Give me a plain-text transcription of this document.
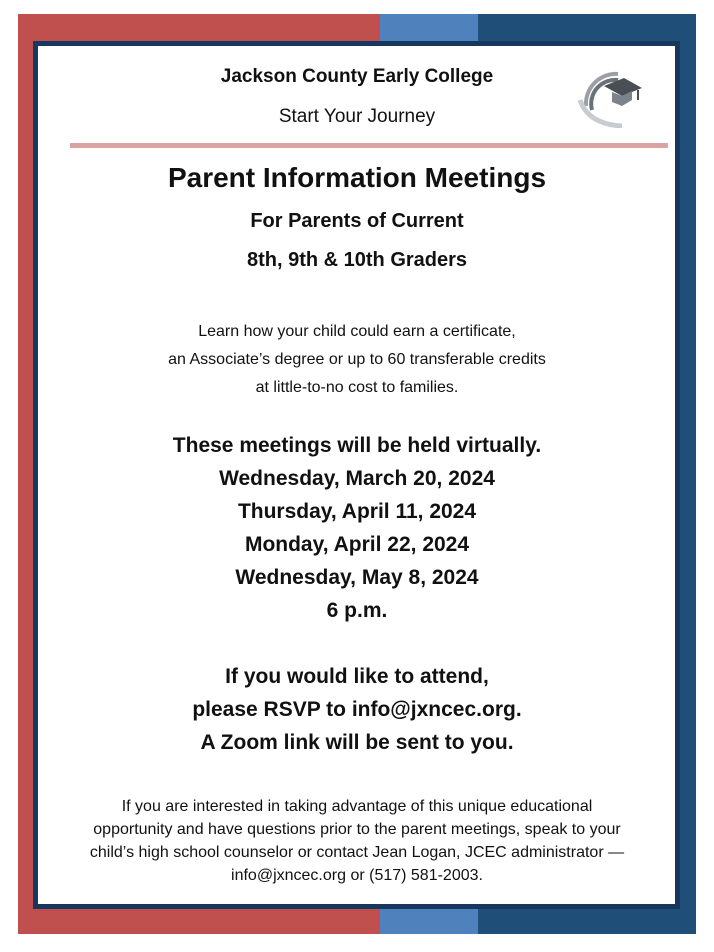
Jackson County Early College
Start Your Journey
Parent Information Meetings
For Parents of Current
8th, 9th & 10th Graders
Learn how your child could earn a certificate,
an Associate’s degree or up to 60 transferable credits
at little-to-no cost to families.
These meetings will be held virtually.
Wednesday, March 20, 2024
Thursday, April 11, 2024
Monday, April 22, 2024
Wednesday, May 8, 2024
6 p.m.
If you would like to attend,
please RSVP to info@jxncec.org.
A Zoom link will be sent to you.
If you are interested in taking advantage of this unique educational
opportunity and have questions prior to the parent meetings, speak to your
child’s high school counselor or contact Jean Logan, JCEC administrator —
info@jxncec.org or (517) 581-2003.
